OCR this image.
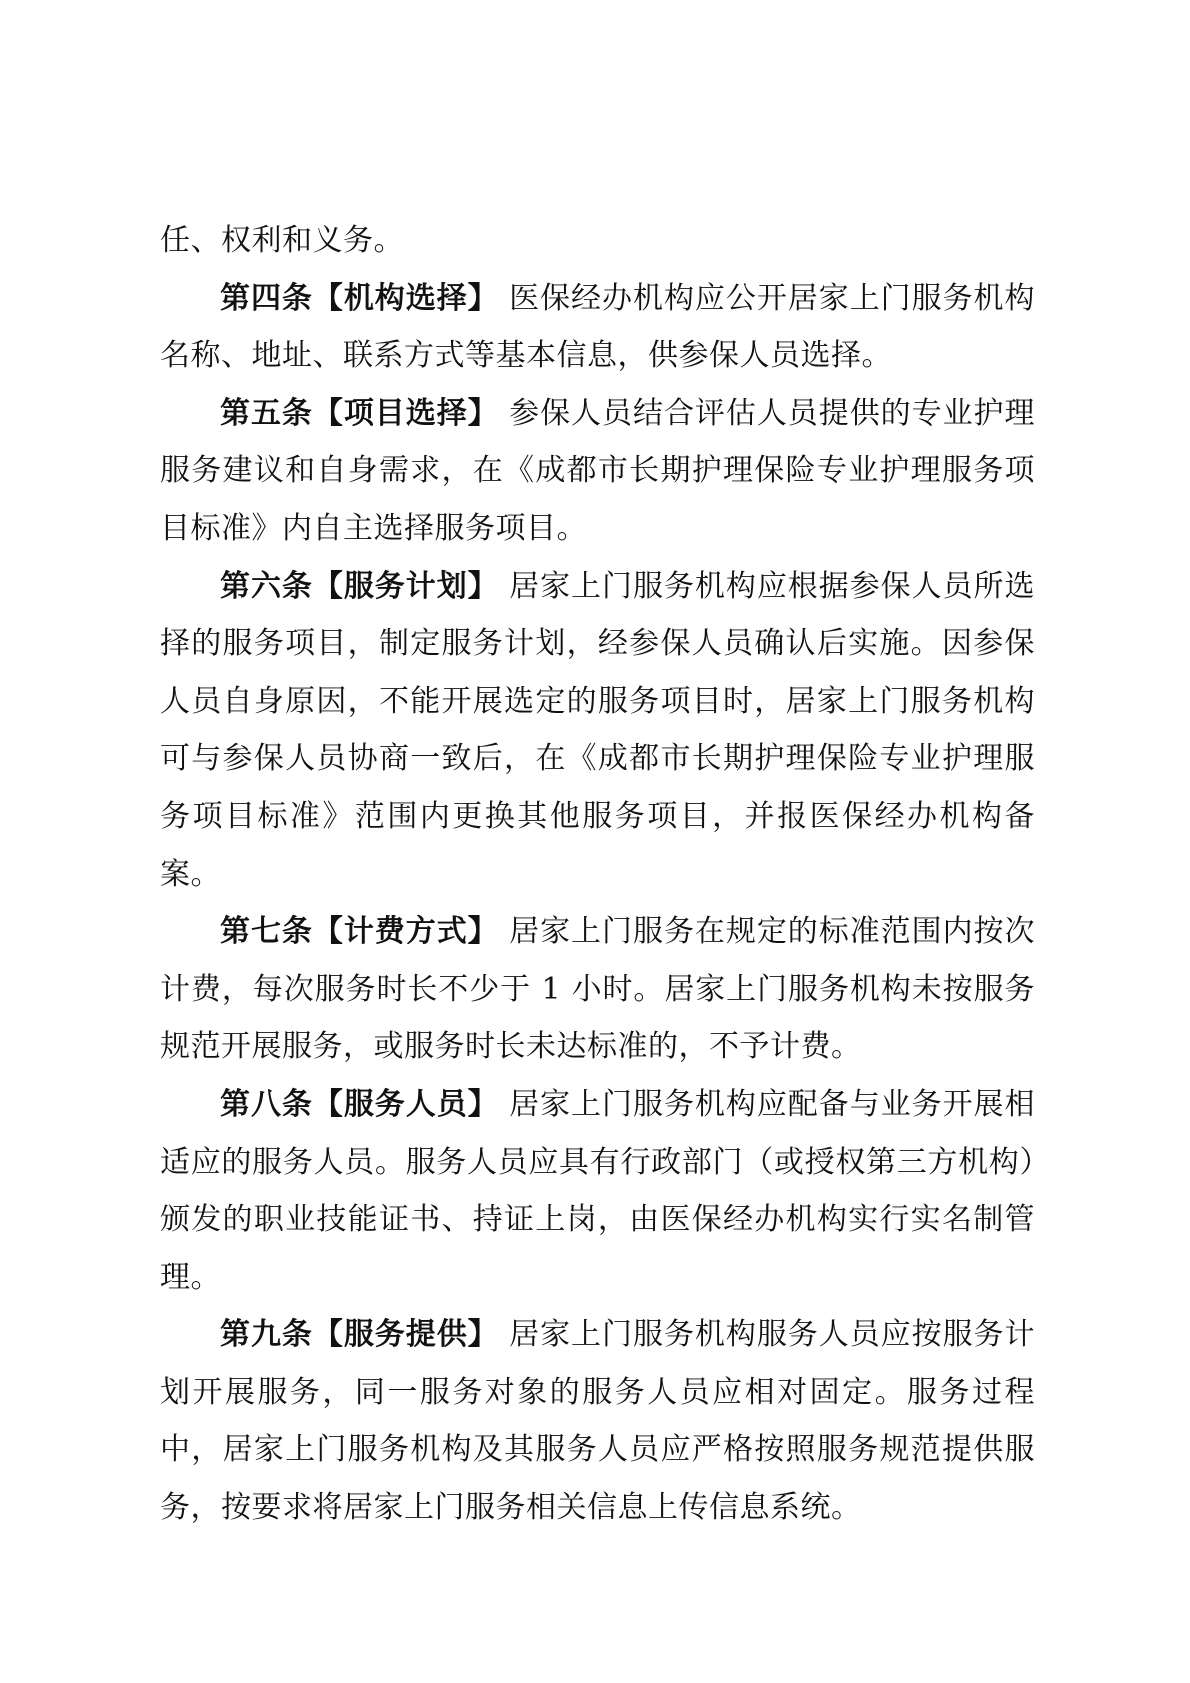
任、权利和义务。

第四条【机构选择】 医保经办机构应公开居家上门服务机构名称、地址、联系方式等基本信息，供参保人员选择。

第五条【项目选择】 参保人员结合评估人员提供的专业护理服务建议和自身需求，在《成都市长期护理保险专业护理服务项目标准》内自主选择服务项目。

第六条【服务计划】 居家上门服务机构应根据参保人员所选择的服务项目，制定服务计划，经参保人员确认后实施。因参保人员自身原因，不能开展选定的服务项目时，居家上门服务机构可与参保人员协商一致后，在《成都市长期护理保险专业护理服务项目标准》范围内更换其他服务项目，并报医保经办机构备案。

第七条【计费方式】 居家上门服务在规定的标准范围内按次计费，每次服务时长不少于 1 小时。居家上门服务机构未按服务规范开展服务，或服务时长未达标准的，不予计费。

第八条【服务人员】 居家上门服务机构应配备与业务开展相适应的服务人员。服务人员应具有行政部门（或授权第三方机构）颁发的职业技能证书、持证上岗，由医保经办机构实行实名制管理。

第九条【服务提供】 居家上门服务机构服务人员应按服务计划开展服务，同一服务对象的服务人员应相对固定。服务过程中，居家上门服务机构及其服务人员应严格按照服务规范提供服务，按要求将居家上门服务相关信息上传信息系统。
